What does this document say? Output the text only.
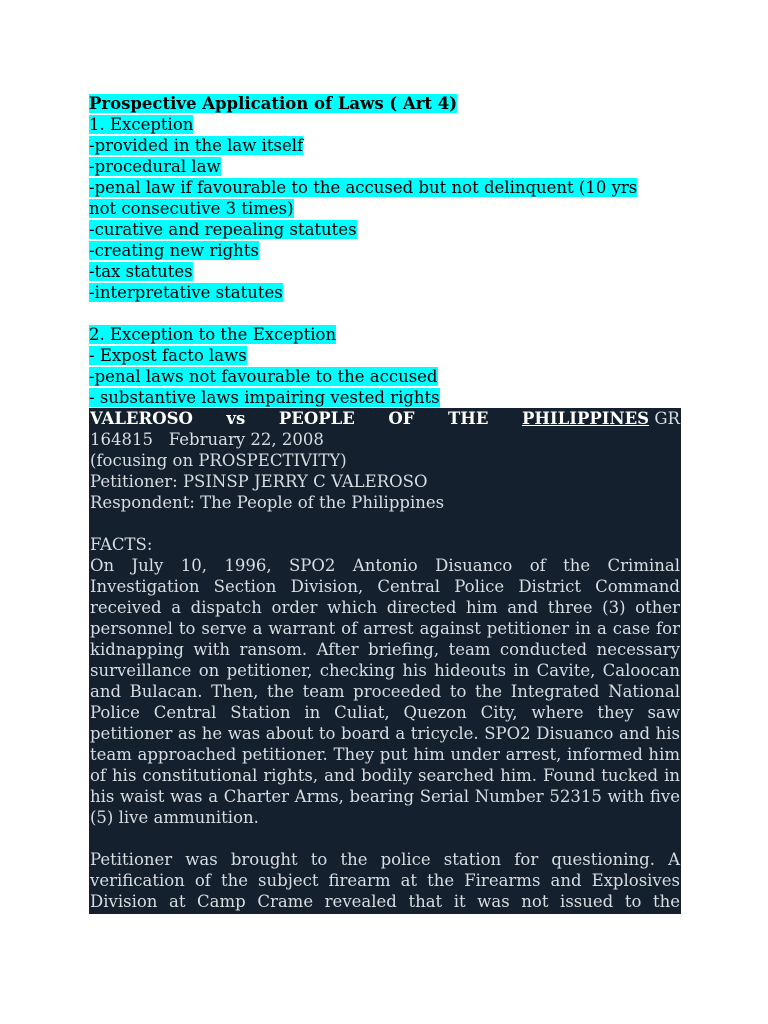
Prospective Application of Laws ( Art 4)
1. Exception
-provided in the law itself
-procedural law
-penal law if favourable to the accused but not delinquent (10 yrs
not consecutive 3 times)
-curative and repealing statutes
-creating new rights
-tax statutes
-interpretative statutes
2. Exception to the Exception
- Expost facto laws
-penal laws not favourable to the accused
- substantive laws impairing vested rights
VALEROSO vs PEOPLE OF THE PHILIPPINES GR
164815   February 22, 2008
(focusing on PROSPECTIVITY)
Petitioner: PSINSP JERRY C VALEROSO
Respondent: The People of the Philippines
FACTS:

On July 10, 1996, SPO2 Antonio Disuanco of the Criminal Investigation Section Division, Central Police District Command received a dispatch order which directed him and three (3) other personnel to serve a warrant of arrest against petitioner in a case for kidnapping with ransom. After briefing, team conducted necessary surveillance on petitioner, checking his hideouts in Cavite, Caloocan and Bulacan. Then, the team proceeded to the Integrated National Police Central Station in Culiat, Quezon City, where they saw petitioner as he was about to board a tricycle. SPO2 Disuanco and his team approached petitioner. They put him under arrest, informed him of his constitutional rights, and bodily searched him. Found tucked in his waist was a Charter Arms, bearing Serial Number 52315 with five (5) live ammunition.

Petitioner was brought to the police station for questioning. A verification of the subject firearm at the Firearms and Explosives Division at Camp Crame revealed that it was not issued to the
